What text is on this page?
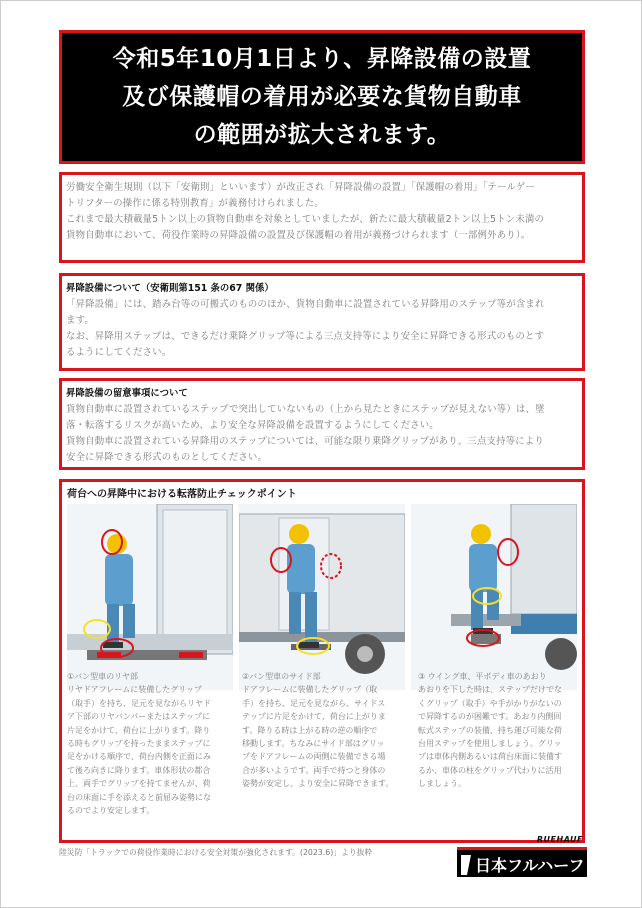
令和5年10月1日より、昇降設備の設置
及び保護帽の着用が必要な貨物自動車
の範囲が拡大されます。

労働安全衛生規則（以下「安衛則」といいます）が改正され「昇降設備の設置」「保護帽の着用」「テールゲー

トリフターの操作に係る特別教育」が義務付けられました。

これまで最大積載量5トン以上の貨物自動車を対象としていましたが、新たに最大積載量2トン以上5トン未満の

貨物自動車において、荷役作業時の昇降設備の設置及び保護帽の着用が義務づけられます（一部例外あり）。

昇降設備について（安衛則第151 条の67 関係）

「昇降設備」には、踏み台等の可搬式のもののほか、貨物自動車に設置されている昇降用のステップ等が含まれ

ます。

なお、昇降用ステップは、できるだけ乗降グリップ等による三点支持等により安全に昇降できる形式のものとす

るようにしてください。

昇降設備の留意事項について

貨物自動車に設置されているステップで突出していないもの（上から見たときにステップが見えない等）は、墜

落・転落するリスクが高いため、より安全な昇降設備を設置するようにしてください。

貨物自動車に設置されている昇降用のステップについては、可能な限り乗降グリップがあり、三点支持等により

安全に昇降できる形式のものとしてください。

荷台への昇降中における転落防止チェックポイント
①バン型車のリヤ部
リヤドアフレームに装備したグリップ
（取手）を持ち、足元を見ながらリヤド
ア下部のリヤバンパーまたはステップに
片足をかけて、荷台に上がります。降り
る時もグリップを持ったままステップに
足をかける順序で、荷台内側を正面にみ
て後ろ向きに降ります。車体形状の都合
上、両手でグリップを持てませんが、荷
台の床面に手を添えると前屈み姿勢にな
るのでより安定します。
②バン型車のサイド部
ドアフレームに装備したグリップ（取
手）を持ち、足元を見ながら、サイドス
テップに片足をかけて、荷台に上がりま
す。降りる時は上がる時の逆の順序で
移動します。ちなみにサイド部はグリッ
プをドアフレームの両側に装備できる場
合が多いようです。両手で持つと身体の
姿勢が安定し、より安全に昇降できます。
③ ウイング車、平ボディ車のあおり
あおりを下した時は、ステップだけでな
くグリップ（取手）や手がかりがないの
で昇降するのが困難です。あおり内側回
転式ステップの装備、持ち運び可能な荷
台用ステップを使用しましょう。グリッ
プは車体内側あるいは荷台床面に装備す
るか、車体の柱をグリップ代わりに活用
しましょう。
陸災防「トラックでの荷役作業時における安全対策が強化されます。(2023.6)」より抜粋
RUEHAUF
日本フルハーフ
